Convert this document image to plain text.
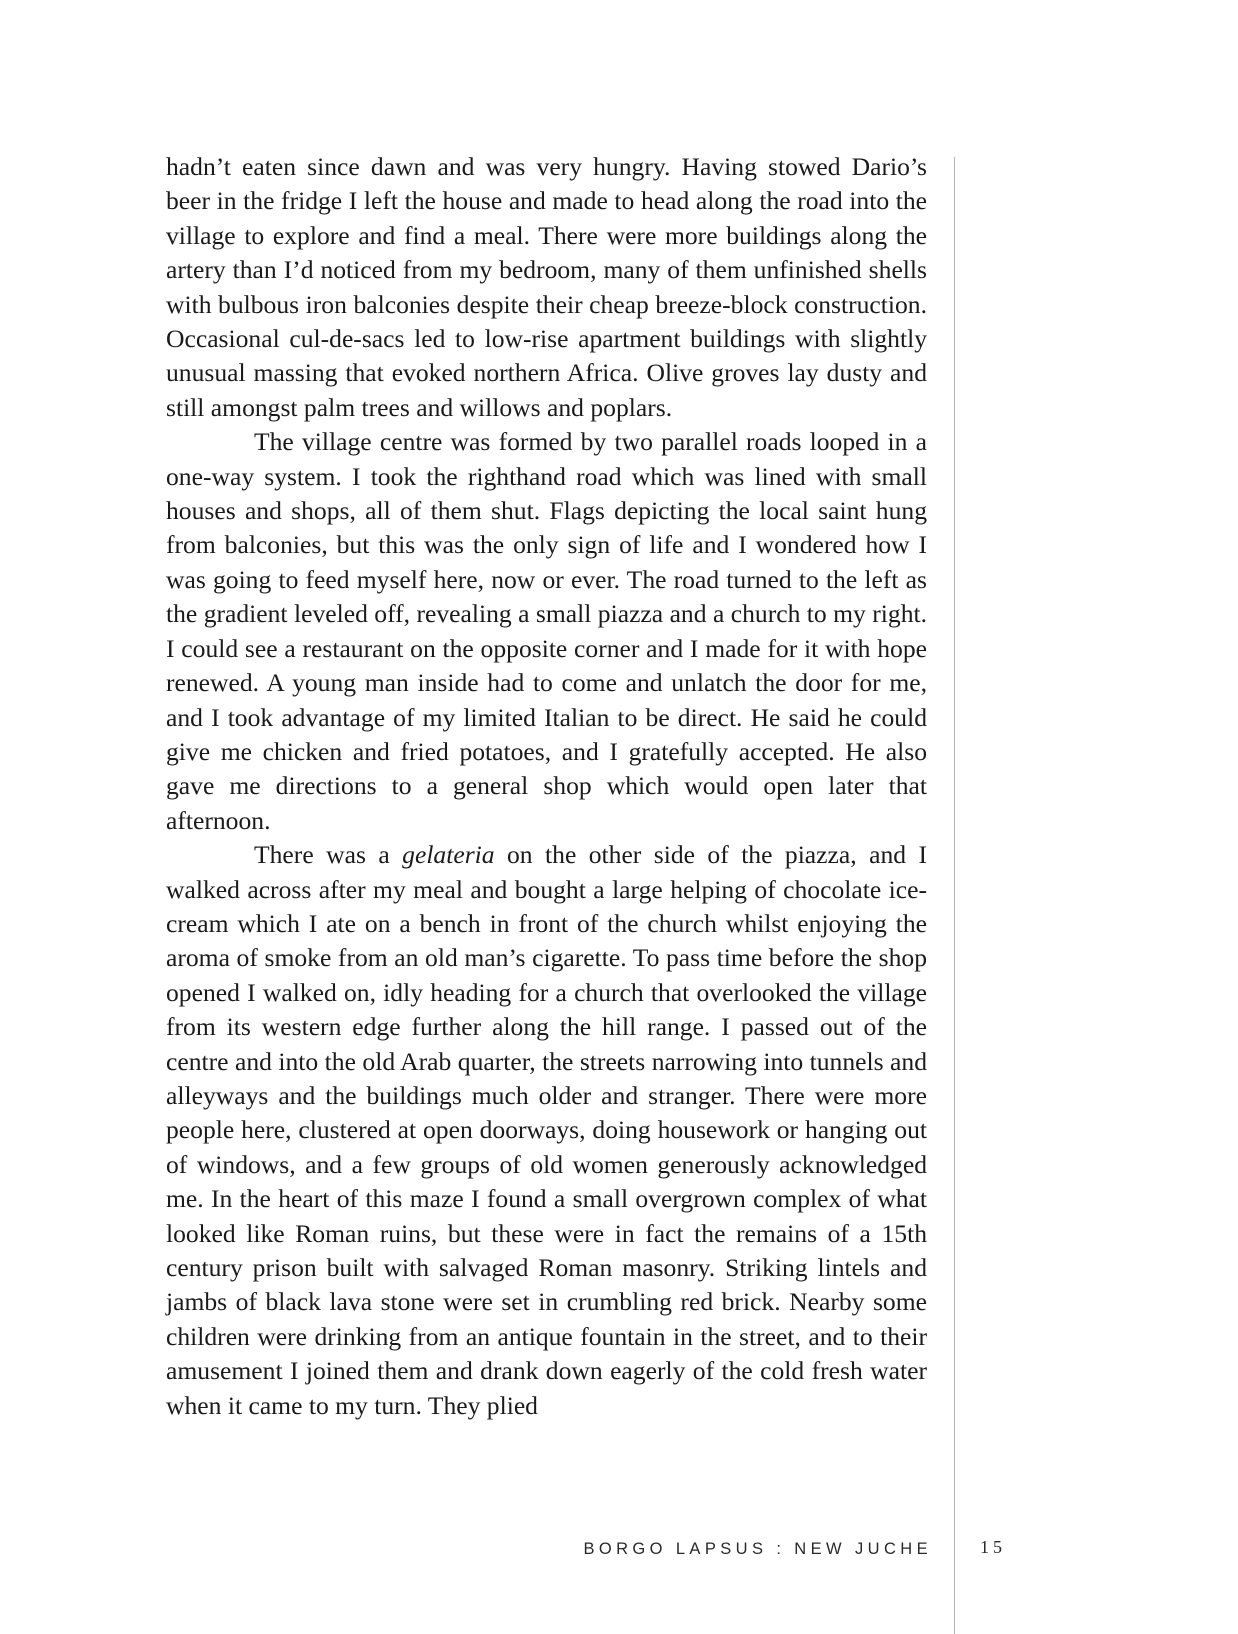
hadn’t eaten since dawn and was very hungry. Having stowed Dario’s beer in the fridge I left the house and made to head along the road into the village to explore and find a meal. There were more buildings along the artery than I’d noticed from my bedroom, many of them unfinished shells with bulbous iron balconies despite their cheap breeze-block construction. Occasional cul-de-sacs led to low-rise apartment buildings with slightly unusual massing that evoked northern Africa. Olive groves lay dusty and still amongst palm trees and willows and poplars.

The village centre was formed by two parallel roads looped in a one-way system. I took the righthand road which was lined with small houses and shops, all of them shut. Flags depicting the local saint hung from balconies, but this was the only sign of life and I wondered how I was going to feed myself here, now or ever. The road turned to the left as the gradient leveled off, revealing a small piazza and a church to my right. I could see a restaurant on the opposite corner and I made for it with hope renewed. A young man inside had to come and unlatch the door for me, and I took advantage of my limited Italian to be direct. He said he could give me chicken and fried potatoes, and I gratefully accepted. He also gave me directions to a general shop which would open later that afternoon.

There was a gelateria on the other side of the piazza, and I walked across after my meal and bought a large helping of chocolate ice-cream which I ate on a bench in front of the church whilst enjoying the aroma of smoke from an old man’s cigarette. To pass time before the shop opened I walked on, idly heading for a church that overlooked the village from its western edge further along the hill range. I passed out of the centre and into the old Arab quarter, the streets narrowing into tunnels and alleyways and the buildings much older and stranger. There were more people here, clustered at open doorways, doing housework or hanging out of windows, and a few groups of old women generously acknowledged me. In the heart of this maze I found a small overgrown complex of what looked like Roman ruins, but these were in fact the remains of a 15th century prison built with salvaged Roman masonry. Striking lintels and jambs of black lava stone were set in crumbling red brick. Nearby some children were drinking from an antique fountain in the street, and to their amusement I joined them and drank down eagerly of the cold fresh water when it came to my turn. They plied

BORGO LAPSUS : NEW JUCHE	15
